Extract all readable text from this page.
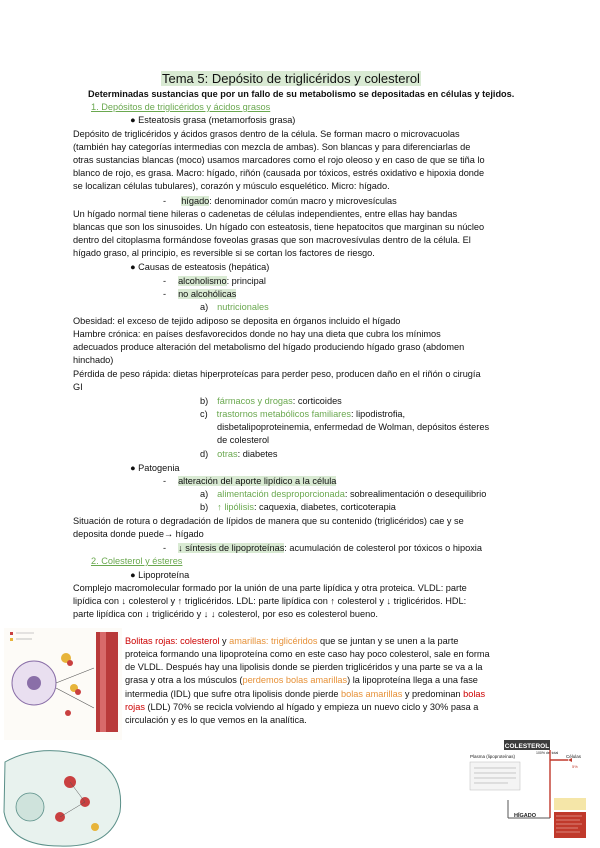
Tema 5: Depósito de triglicéridos y colesterol
Determinadas sustancias que por un fallo de su metabolismo se depositadas en células y tejidos.
1. Depósitos de triglicéridos y ácidos grasos
● Esteatosis grasa (metamorfosis grasa)
Depósito de triglicéridos y ácidos grasos dentro de la célula. Se forman macro o microvacuolas
(también hay categorías intermedias con mezcla de ambas). Son blancas y para diferenciarlas de
otras sustancias blancas (moco) usamos marcadores como el rojo oleoso y en caso de que se tiña lo
blanco de rojo, es grasa. Macro: hígado, riñón (causada por tóxicos, estrés oxidativo e hipoxia donde
se localizan células tubulares), corazón y músculo esquelético. Micro: hígado.
- hígado: denominador común macro y microvesículas
Un hígado normal tiene hileras o cadenetas de células independientes, entre ellas hay bandas
blancas que son los sinusoides. Un hígado con esteatosis, tiene hepatocitos que marginan su núcleo
dentro del citoplasma formándose foveolas grasas que son macrovesívulas dentro de la célula. El
hígado graso, al principio, es reversible si se cortan los factores de riesgo.
● Causas de esteatosis (hepática)
- alcoholismo: principal
- no alcohólicas
a) nutricionales
Obesidad: el exceso de tejido adiposo se deposita en órganos incluido el hígado
Hambre crónica: en países desfavorecidos donde no hay una dieta que cubra los mínimos
adecuados produce alteración del metabolismo del hígado produciendo hígado graso (abdomen
hinchado)
Pérdida de peso rápida: dietas hiperproteícas para perder peso, producen daño en el riñón o cirugía
GI
b) fármacos y drogas: corticoides
c) trastornos metabólicos familiares: lipodistrofia,
disbetalipoproteinemia, enfermedad de Wolman, depósitos ésteres
de colesterol
d) otras: diabetes
● Patogenia
- alteración del aporte lipídico a la célula
a) alimentación desproporcionada: sobrealimentación o desequilibrio
b) ↑ lipólisis: caquexia, diabetes, corticoterapia
Situación de rotura o degradación de lípidos de manera que su contenido (triglicéridos) cae y se
deposita donde puede→ hígado
- ↓ síntesis de lipoproteínas: acumulación de colesterol por tóxicos o hipoxia
2. Colesterol y ésteres
● Lipoproteína
Complejo macromolecular formado por la unión de una parte lipídica y otra proteica. VLDL: parte
lipídica con ↓ colesterol y ↑ triglicéridos. LDL: parte lipídica con ↑ colesterol y ↓ triglicéridos. HDL:
parte lipídica con ↓ triglicérido y ↓ ↓ colesterol, por eso es colesterol bueno.
Bolitas rojas: colesterol y amarillas: triglicéridos que se juntan y se unen a la parte
proteica formando una lipoproteína como en este caso hay poco colesterol, sale en forma
de VLDL. Después hay una lipolisis donde se pierden triglicéridos y una parte se va a la
grasa y otra a los músculos (perdemos bolas amarillas) la lipoproteína llega a una fase
intermedia (IDL) que sufre otra lipolisis donde pierde bolas amarillas y predominan bolas
rojas (LDL) 70% se recicla volviendo al hígado y empieza un nuevo ciclo y 30% pasa a
circulación y es lo que vemos en la analítica.
COLESTEROL
Plasma (lipoproteínas)	Células
100% del total
5%
HÍGADO
